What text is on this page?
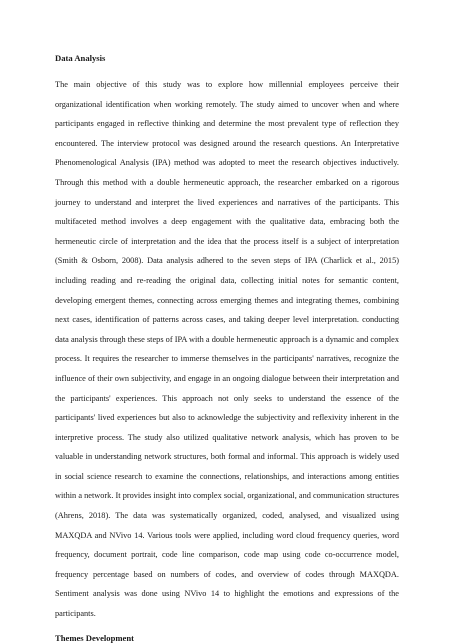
Data Analysis

The main objective of this study was to explore how millennial employees perceive their organizational identification when working remotely. The study aimed to uncover when and where participants engaged in reflective thinking and determine the most prevalent type of reflection they encountered. The interview protocol was designed around the research questions. An Interpretative Phenomenological Analysis (IPA) method was adopted to meet the research objectives inductively. Through this method with a double hermeneutic approach, the researcher embarked on a rigorous journey to understand and interpret the lived experiences and narratives of the participants. This multifaceted method involves a deep engagement with the qualitative data, embracing both the hermeneutic circle of interpretation and the idea that the process itself is a subject of interpretation (Smith & Osborn, 2008). Data analysis adhered to the seven steps of IPA (Charlick et al., 2015) including reading and re-reading the original data, collecting initial notes for semantic content, developing emergent themes, connecting across emerging themes and integrating themes, combining next cases, identification of patterns across cases, and taking deeper level interpretation. conducting data analysis through these steps of IPA with a double hermeneutic approach is a dynamic and complex process. It requires the researcher to immerse themselves in the participants' narratives, recognize the influence of their own subjectivity, and engage in an ongoing dialogue between their interpretation and the participants' experiences. This approach not only seeks to understand the essence of the participants' lived experiences but also to acknowledge the subjectivity and reflexivity inherent in the interpretive process. The study also utilized qualitative network analysis, which has proven to be valuable in understanding network structures, both formal and informal. This approach is widely used in social science research to examine the connections, relationships, and interactions among entities within a network. It provides insight into complex social, organizational, and communication structures (Ahrens, 2018). The data was systematically organized, coded, analysed, and visualized using MAXQDA and NVivo 14. Various tools were applied, including word cloud frequency queries, word frequency, document portrait, code line comparison, code map using code co-occurrence model, frequency percentage based on numbers of codes, and overview of codes through MAXQDA. Sentiment analysis was done using NVivo 14 to highlight the emotions and expressions of the participants.

Themes Development
